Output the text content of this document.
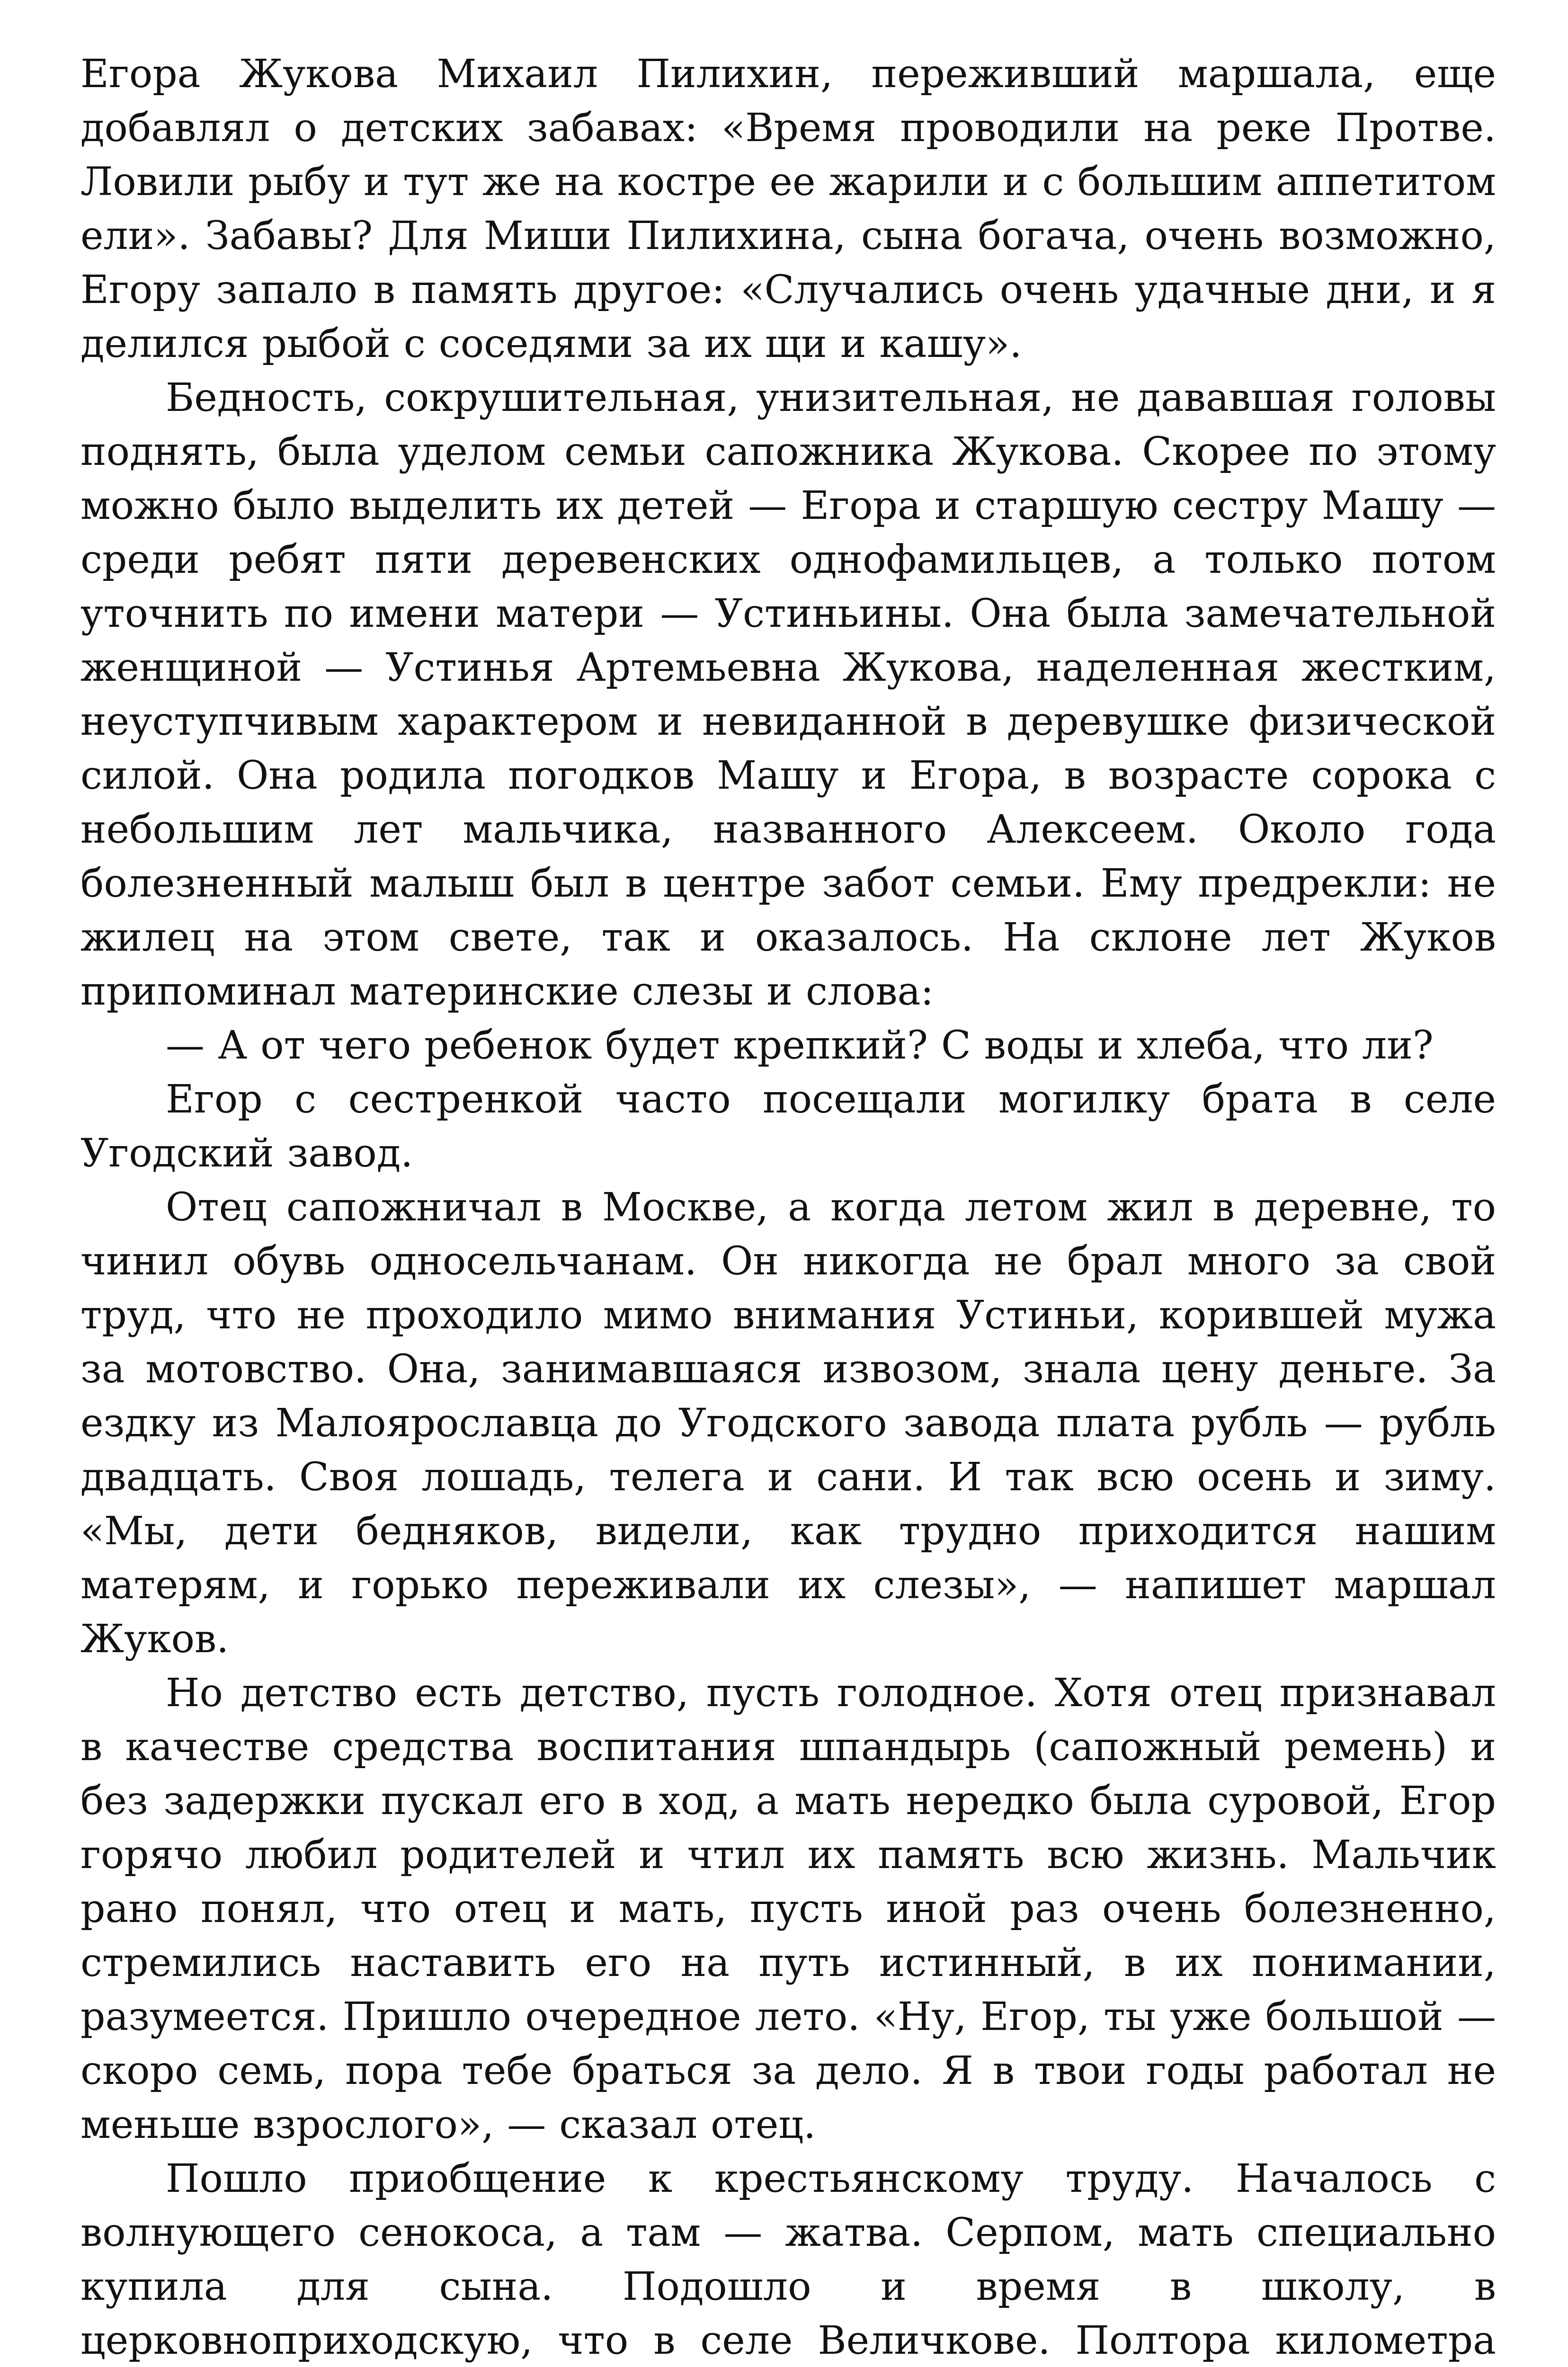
Егора Жукова Михаил Пилихин, переживший маршала, еще добавлял о детских забавах: «Время проводили на реке Протве. Ловили рыбу и тут же на костре ее жарили и с большим аппетитом ели». Забавы? Для Миши Пилихина, сына богача, очень возможно, Егору запало в память другое: «Случались очень удачные дни, и я делился рыбой с соседями за их щи и кашу».

Бедность, сокрушительная, унизительная, не дававшая головы поднять, была уделом семьи сапожника Жукова. Скорее по этому можно было выделить их детей — Егора и старшую сестру Машу — среди ребят пяти деревенских однофамильцев, а только потом уточнить по имени матери — Устиньины. Она была замечательной женщиной — Устинья Артемьевна Жукова, наделенная жестким, неуступчивым характером и невиданной в деревушке физической силой. Она родила погодков Машу и Егора, в возрасте сорока с небольшим лет мальчика, названного Алексеем. Около года болезненный малыш был в центре забот семьи. Ему предрекли: не жилец на этом свете, так и оказалось. На склоне лет Жуков припоминал материнские слезы и слова:

— А от чего ребенок будет крепкий? С воды и хлеба, что ли?

Егор с сестренкой часто посещали могилку брата в селе Угодский завод.

Отец сапожничал в Москве, а когда летом жил в деревне, то чинил обувь односельчанам. Он никогда не брал много за свой труд, что не проходило мимо внимания Устиньи, корившей мужа за мотовство. Она, занимавшаяся извозом, знала цену деньге. За ездку из Малоярославца до Угодского завода плата рубль — рубль двадцать. Своя лошадь, телега и сани. И так всю осень и зиму. «Мы, дети бедняков, видели, как трудно приходится нашим матерям, и горько переживали их слезы», — напишет маршал Жуков.

Но детство есть детство, пусть голодное. Хотя отец признавал в качестве средства воспитания шпандырь (сапожный ремень) и без задержки пускал его в ход, а мать нередко была суровой, Егор горячо любил родителей и чтил их память всю жизнь. Мальчик рано понял, что отец и мать, пусть иной раз очень болезненно, стремились наставить его на путь истинный, в их понимании, разумеется. Пришло очередное лето. «Ну, Егор, ты уже большой — скоро семь, пора тебе браться за дело. Я в твои годы работал не меньше взрослого», — сказал отец.

Пошло приобщение к крестьянскому труду. Началось с волнующего сенокоса, а там — жатва. Серпом, мать специально купила для сына. Подошло и время в школу, в церковноприходскую, что в селе Величкове. Полтора километра
